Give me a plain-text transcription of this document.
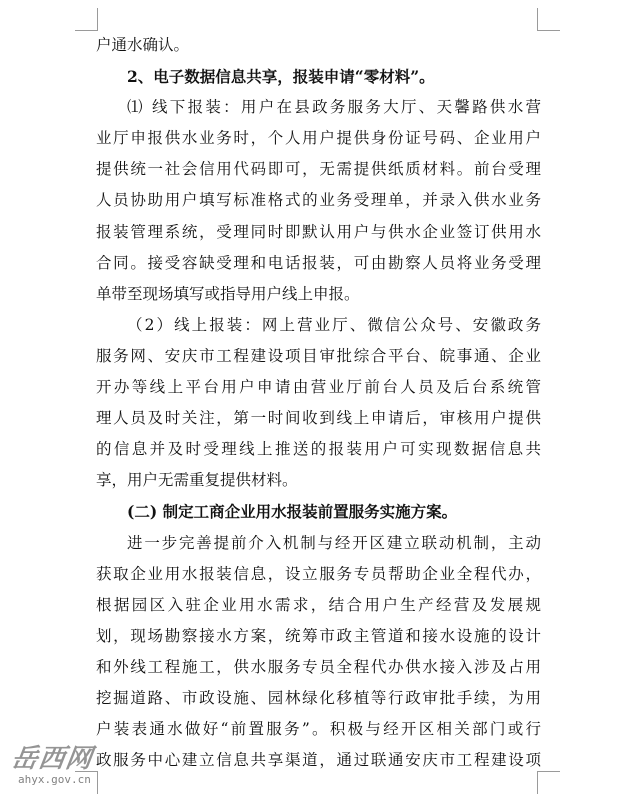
户通水确认。
2、电子数据信息共享，报装申请“零材料”。
⑴ 线下报装：用户在县政务服务大厅、天馨路供水营
业厅申报供水业务时，个人用户提供身份证号码、企业用户
提供统一社会信用代码即可，无需提供纸质材料。前台受理
人员协助用户填写标准格式的业务受理单，并录入供水业务
报装管理系统，受理同时即默认用户与供水企业签订供用水
合同。接受容缺受理和电话报装，可由勘察人员将业务受理
单带至现场填写或指导用户线上申报。
（2）线上报装：网上营业厅、微信公众号、安徽政务
服务网、安庆市工程建设项目审批综合平台、皖事通、企业
开办等线上平台用户申请由营业厅前台人员及后台系统管
理人员及时关注，第一时间收到线上申请后，审核用户提供
的信息并及时受理线上推送的报装用户可实现数据信息共
享，用户无需重复提供材料。
(二) 制定工商企业用水报装前置服务实施方案。
进一步完善提前介入机制与经开区建立联动机制，主动
获取企业用水报装信息，设立服务专员帮助企业全程代办，
根据园区入驻企业用水需求，结合用户生产经营及发展规
划，现场勘察接水方案，统筹市政主管道和接水设施的设计
和外线工程施工，供水服务专员全程代办供水接入涉及占用
挖掘道路、市政设施、园林绿化移植等行政审批手续，为用
户装表通水做好“前置服务”。积极与经开区相关部门或行
政服务中心建立信息共享渠道，通过联通安庆市工程建设项
岳西网
ahyx.gov.cn
